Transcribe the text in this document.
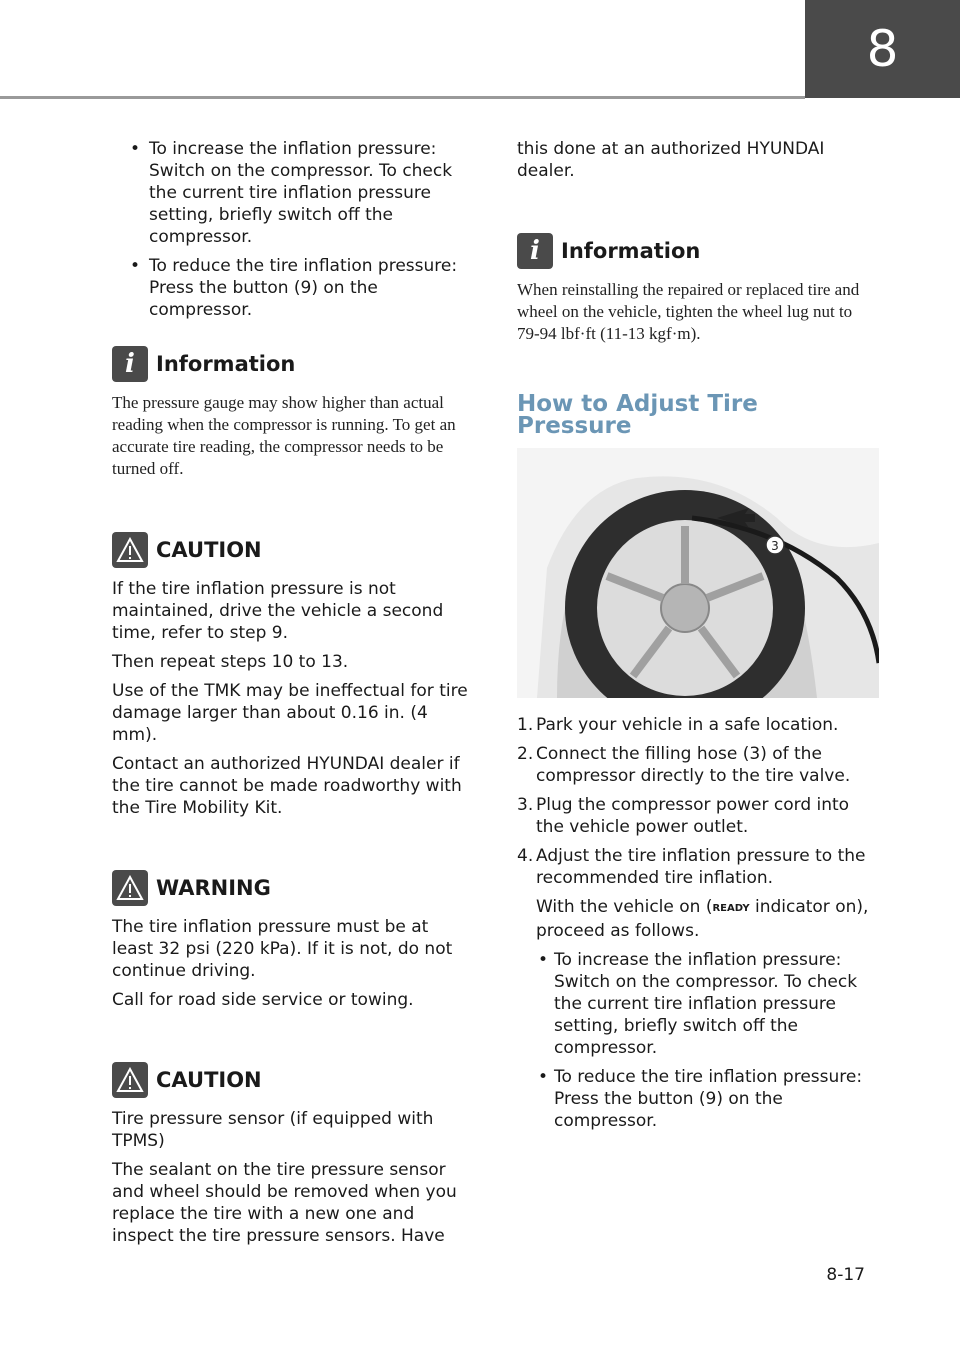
8
• To increase the inflation pressure: Switch on the compressor. To check the current tire inflation pressure setting, briefly switch off the compressor.
• To reduce the tire inflation pressure: Press the button (9) on the compressor.
i	Information

The pressure gauge may show higher than actual reading when the compressor is running. To get an accurate tire reading, the compressor needs to be turned off.

CAUTION

If the tire inflation pressure is not maintained, drive the vehicle a second time, refer to step 9.

Then repeat steps 10 to 13.

Use of the TMK may be ineffectual for tire damage larger than about 0.16 in. (4 mm).

Contact an authorized HYUNDAI dealer if the tire cannot be made roadworthy with the Tire Mobility Kit.

WARNING

The tire inflation pressure must be at least 32 psi (220 kPa). If it is not, do not continue driving.

Call for road side service or towing.

CAUTION

Tire pressure sensor (if equipped with TPMS)

The sealant on the tire pressure sensor and wheel should be removed when you replace the tire with a new one and inspect the tire pressure sensors. Have

this done at an authorized HYUNDAI dealer.

i	Information

When reinstalling the repaired or replaced tire and wheel on the vehicle, tighten the wheel lug nut to 79-94 lbf·ft (11-13 kgf·m).

How to Adjust Tire Pressure
3
1. Park your vehicle in a safe location.
2. Connect the filling hose (3) of the compressor directly to the tire valve.
3. Plug the compressor power cord into the vehicle power outlet.
4. Adjust the tire inflation pressure to the recommended tire inflation.

With the vehicle on (READY indicator on), proceed as follows.

• To increase the inflation pressure: Switch on the compressor. To check the current tire inflation pressure setting, briefly switch off the compressor.
• To reduce the tire inflation pressure: Press the button (9) on the compressor.
8-17
